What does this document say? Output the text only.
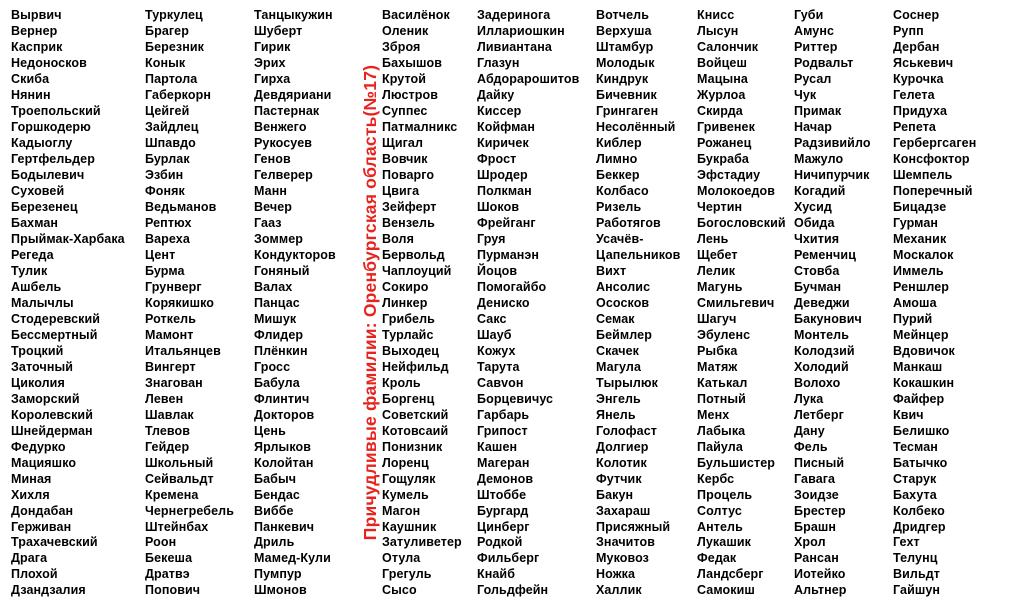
Причудливые фамилии: Оренбургская область(№17)
Вырвич
Вернер
Касприк
Недоносков
Скиба
Нянин
Троепольский
Горшкодерю
Кадыоглу
Гертфельдер
Бодылевич
Суховей
Березенец
Бахман
Прыймак-Харбака
Регеда
Тулик
Ашбель
Малычлы
Стодеревский
Бессмертный
Троцкий
Заточный
Циколия
Заморский
Королевский
Шнейдерман
Федурко
Мацияшко
Миная
Хихля
Дондабан
Герживан
Трахачевский
Драга
Плохой
Дзандзалия
Туркулец
Брагер
Березник
Конык
Партола
Габеркорн
Цейгей
Зайдлец
Шпавдо
Бурлак
Эзбин
Фоняк
Ведьманов
Рептюх
Вареха
Цент
Бурма
Грунверг
Корякишко
Роткель
Мамонт
Итальянцев
Вингерт
Знагован
Левен
Шавлак
Тлевов
Гейдер
Школьный
Сейвальдт
Кремена
Чернегребель
Штейнбах
Роон
Бекеша
Дратвэ
Попович
Танцыкужин
Шуберт
Гирик
Эрих
Гирха
Девдяриани
Пастернак
Венжего
Рукосуев
Генов
Гелверер
Манн
Вечер
Гааз
Зоммер
Кондукторов
Гоняный
Валах
Панцас
Мишук
Флидер
Плёнкин
Гросс
Бабула
Флинтич
Докторов
Цень
Ярлыков
Колойтан
Бабыч
Бендас
Виббе
Панкевич
Дриль
Мамед-Кули
Пумпур
Шмонов
Василёнок
Оленик
Зброя
Бахышов
Крутой
Люстров
Суппес
Патмалникс
Щигал
Вовчик
Поварго
Цвига
Зейферт
Вензель
Воля
Бервольд
Чаплоуций
Сокиро
Линкер
Грибель
Турлайс
Выходец
Нейфильд
Кроль
Боргенц
Советский
Котовсаий
Понизник
Лоренц
Гощуляк
Кумель
Магон
Каушник
Затуливетер
Отула
Грегуль
Сысо
Задеринога
Иллариошкин
Ливиантана
Глазун
Абдорарошитов
Дайку
Киссер
Койфман
Киричек
Фрост
Шродер
Полкман
Шоков
Фрейганг
Груя
Пурманэн
Йоцов
Помогайбо
Дениско
Сакс
Шауб
Кожух
Тарута
Савvон
Борцевичус
Гарбарь
Грипост
Кашен
Магеран
Демонов
Штоббе
Бургард
Цинберг
Родкой
Фильберг
Кнайб
Гольдфейн
Вотчель
Верхуша
Штамбур
Молодык
Киндрук
Бичевник
Грингаген
Несолённый
Киблер
Лимно
Беккер
Колбасо
Ризель
Работягов
Усачёв-
Цапельников
Вихт
Ансолис
Ососков
Семак
Беймлер
Скачек
Магула
Тырылюк
Энгель
Янель
Голофаст
Долгиер
Колотик
Футчик
Бакун
Захараш
Присяжный
Значитов
Муковоз
Ножка
Халлик
Книсс
Лысун
Салончик
Войцеш
Мацына
Журлоа
Скирда
Гривенек
Рожанец
Букраба
Эфстадиу
Молокоедов
Чертин
Богословский
Лень
Щебет
Лелик
Магунь
Смильгевич
Шагуч
Эбуленс
Рыбка
Матяж
Катькал
Потный
Менх
Лабыка
Пайула
Бульшистер
Кербс
Процель
Солтус
Антель
Лукашик
Федак
Ландсберг
Самокиш
Губи
Амунс
Риттер
Родвальт
Русал
Чук
Примак
Начар
Радзивийло
Мажуло
Ничипурчик
Когадий
Хусид
Обида
Чхития
Ременчиц
Стовба
Бучман
Деведжи
Бакунович
Монтель
Колодзий
Холодий
Волохо
Лука
Летберг
Дану
Фель
Писный
Гавага
Зоидзе
Брестер
Брашн
Хрол
Рансан
Иотейко
Альтнер
Соснер
Рупп
Дербан
Яськевич
Курочка
Гелета
Придуха
Репета
Гербергсаген
Консфоктор
Шемпель
Поперечный
Бицадзе
Гурман
Механик
Москалок
Иммель
Реншлер
Амоша
Пурий
Мейнцер
Вдовичок
Манкаш
Кокашкин
Файфер
Квич
Белишко
Тесман
Батычко
Старук
Бахута
Колбеко
Дридгер
Гехт
Телунц
Вильдт
Гайшун
